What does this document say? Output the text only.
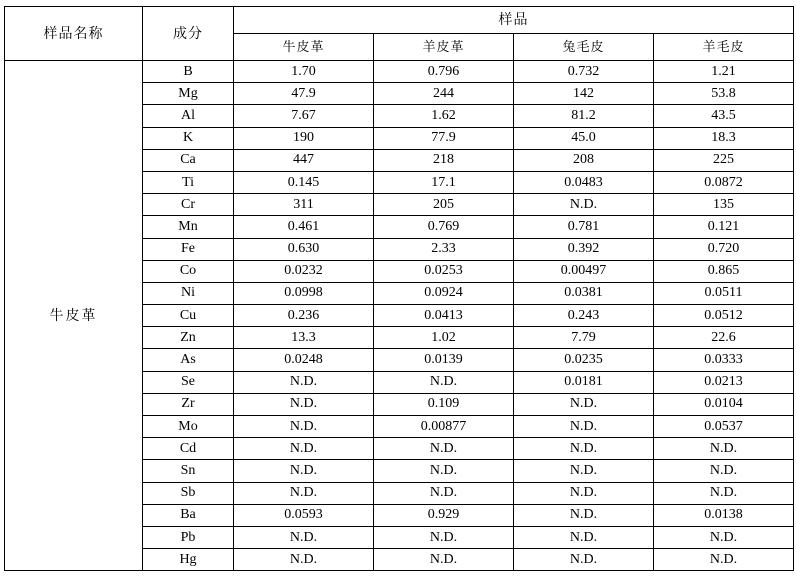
样品名称	成分	样品			
		牛皮革	羊皮革	兔毛皮	羊毛皮
牛皮革	B	1.70	0.796	0.732	1.21
	Mg	47.9	244	142	53.8
	Al	7.67	1.62	81.2	43.5
	K	190	77.9	45.0	18.3
	Ca	447	218	208	225
	Ti	0.145	17.1	0.0483	0.0872
	Cr	311	205	N.D.	135
	Mn	0.461	0.769	0.781	0.121
	Fe	0.630	2.33	0.392	0.720
	Co	0.0232	0.0253	0.00497	0.865
	Ni	0.0998	0.0924	0.0381	0.0511
	Cu	0.236	0.0413	0.243	0.0512
	Zn	13.3	1.02	7.79	22.6
	As	0.0248	0.0139	0.0235	0.0333
	Se	N.D.	N.D.	0.0181	0.0213
	Zr	N.D.	0.109	N.D.	0.0104
	Mo	N.D.	0.00877	N.D.	0.0537
	Cd	N.D.	N.D.	N.D.	N.D.
	Sn	N.D.	N.D.	N.D.	N.D.
	Sb	N.D.	N.D.	N.D.	N.D.
	Ba	0.0593	0.929	N.D.	0.0138
	Pb	N.D.	N.D.	N.D.	N.D.
	Hg	N.D.	N.D.	N.D.	N.D.
